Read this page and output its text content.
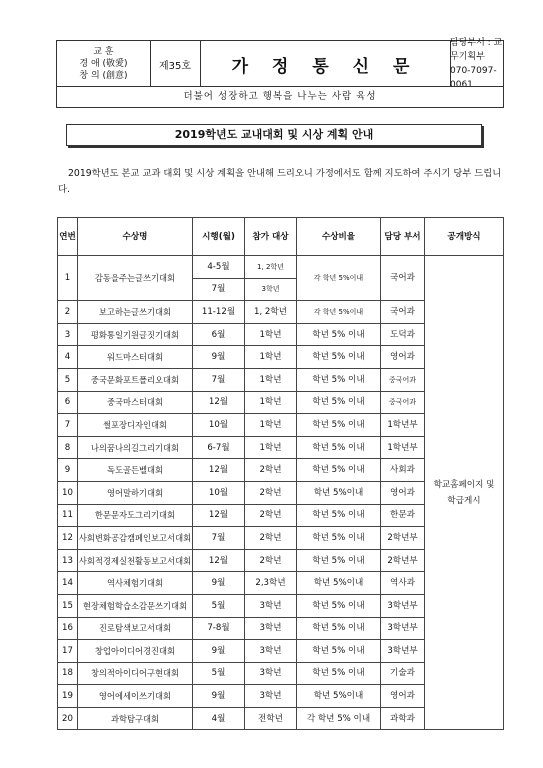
교 훈
경 애 (敬愛)
창 의 (創意)
제35호	가 정 통 신 문
담당부서 : 교무기획부
070-7097-0061
더불어 성장하고 행복을 나누는 사람 육성
2019학년도 교내대회 및 시상 계획 안내
2019학년도 본교 교과 대회 및 시상 계획을 안내해 드리오니 가정에서도 함께 지도하여 주시기 당부 드립니다.
연번	수상명	시행(월)	참가 대상	수상비율	담당 부서	공개방식
1	감동을주는글쓰기대회	4-5월	1, 2학년	각 학년 5%이내	국어과	학교홈페이지 및 학급게시
		7월	3학년			
2	보고하는글쓰기대회	11-12월	1, 2학년	각 학년 5%이내	국어과	
3	평화통일기원글짓기대회	6월	1학년	학년 5% 이내	도덕과	
4	워드마스터대회	9월	1학년	학년 5% 이내	영어과	
5	중국문화포트폴리오대회	7월	1학년	학년 5% 이내	중국어과	
6	중국마스터대회	12월	1학년	학년 5% 이내	중국어과	
7	썰포장디자인대회	10월	1학년	학년 5% 이내	1학년부	
8	나의꿈나의길그리기대회	6-7월	1학년	학년 5% 이내	1학년부	
9	독도골든벨대회	12월	2학년	학년 5% 이내	사회과	
10	영어말하기대회	10월	2학년	학년 5%이내	영어과	
11	한문문자도그리기대회	12월	2학년	학년 5% 이내	한문과	
12	사회변화공감캠페인보고서대회	7월	2학년	학년 5% 이내	2학년부	
13	사회적경제실천활동보고서대회	12월	2학년	학년 5% 이내	2학년부	
14	역사체험기대회	9월	2,3학년	학년 5%이내	역사과	
15	현장체험학습소감문쓰기대회	5월	3학년	학년 5% 이내	3학년부	
16	진로탐색보고서대회	7-8월	3학년	학년 5% 이내	3학년부	
17	창업아이디어경진대회	9월	3학년	학년 5% 이내	3학년부	
18	창의적아이디어구현대회	5월	3학년	학년 5% 이내	기술과	
19	영어에세이쓰기대회	9월	3학년	학년 5%이내	영어과	
20	과학탐구대회	4월	전학년	각 학년 5% 이내	과학과	
